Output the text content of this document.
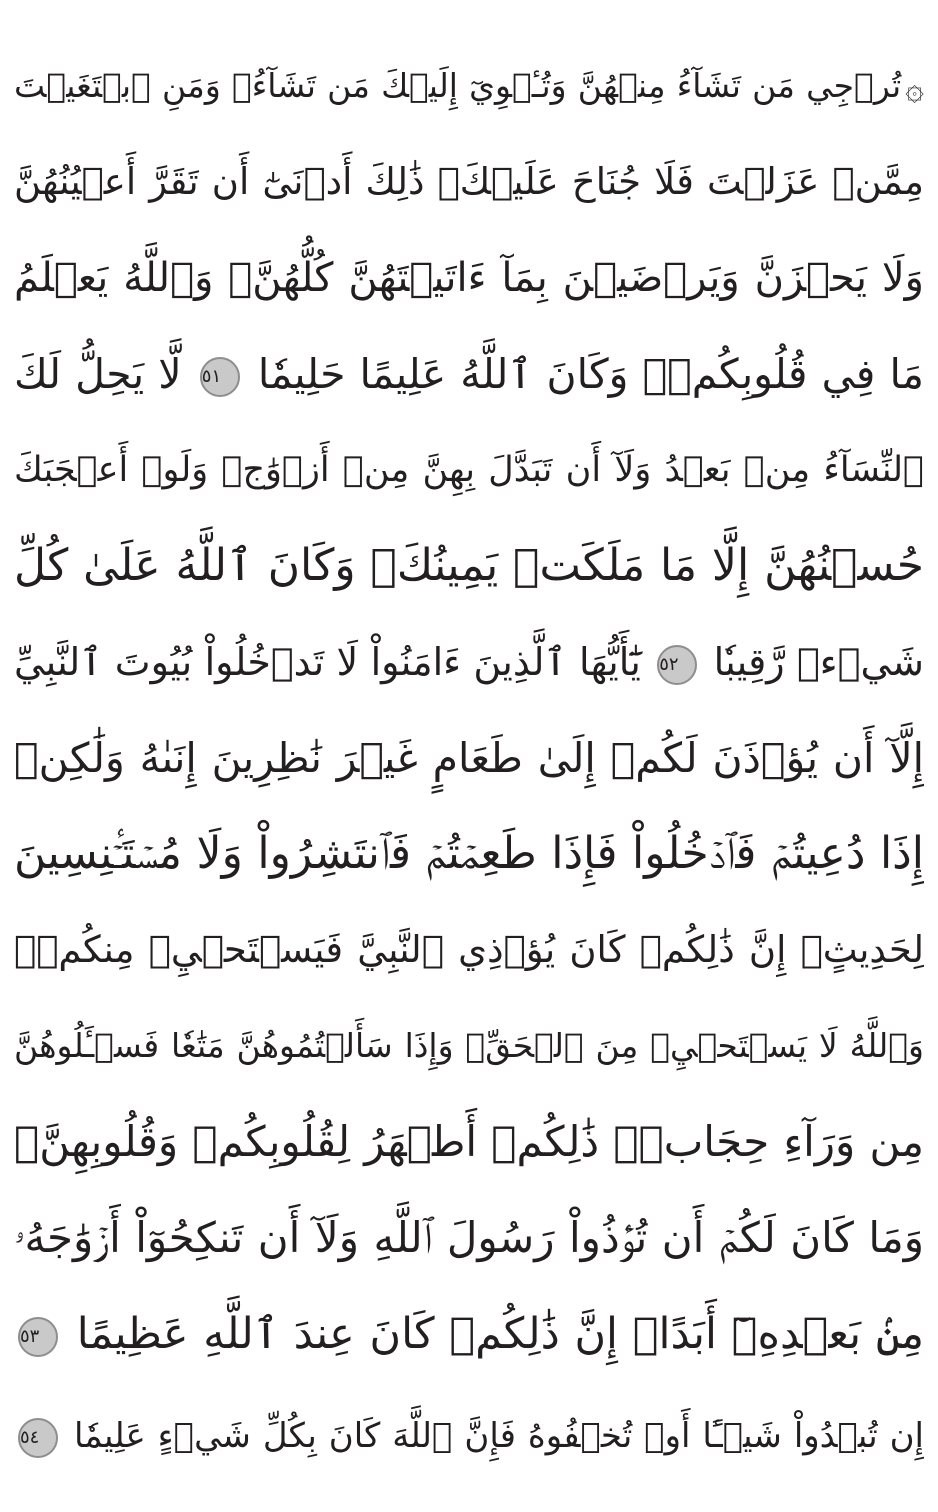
۞تُرۡجِي مَن تَشَآءُ مِنۡهُنَّ وَتُـٔۡوِيٓ إِلَيۡكَ مَن تَشَآءُۖ وَمَنِ ٱبۡتَغَيۡتَ
مِمَّنۡ عَزَلۡتَ فَلَا جُنَاحَ عَلَيۡكَۚ ذَٰلِكَ أَدۡنَىٰٓ أَن تَقَرَّ أَعۡيُنُهُنَّ
وَلَا يَحۡزَنَّ وَيَرۡضَيۡنَ بِمَآ ءَاتَيۡتَهُنَّ كُلُّهُنَّۚ وَٱللَّهُ يَعۡلَمُ
مَا فِي قُلُوبِكُمۡۚ وَكَانَ ٱللَّهُ عَلِيمًا حَلِيمٗا ٥١ لَّا يَحِلُّ لَكَ
ٱلنِّسَآءُ مِنۢ بَعۡدُ وَلَآ أَن تَبَدَّلَ بِهِنَّ مِنۡ أَزۡوَٰجٖ وَلَوۡ أَعۡجَبَكَ
حُسۡنُهُنَّ إِلَّا مَا مَلَكَتۡ يَمِينُكَۗ وَكَانَ ٱللَّهُ عَلَىٰ كُلِّ
شَيۡءٖ رَّقِيبٗا ٥٢ يَٰٓأَيُّهَا ٱلَّذِينَ ءَامَنُواْ لَا تَدۡخُلُواْ بُيُوتَ ٱلنَّبِيِّ
إِلَّآ أَن يُؤۡذَنَ لَكُمۡ إِلَىٰ طَعَامٍ غَيۡرَ نَٰظِرِينَ إِنَىٰهُ وَلَٰكِنۡ
إِذَا دُعِيتُمۡ فَٱدۡخُلُواْ فَإِذَا طَعِمۡتُمۡ فَٱنتَشِرُواْ وَلَا مُسۡتَـٔۡنِسِينَ
لِحَدِيثٍۚ إِنَّ ذَٰلِكُمۡ كَانَ يُؤۡذِي ٱلنَّبِيَّ فَيَسۡتَحۡيِۦ مِنكُمۡۖ
وَٱللَّهُ لَا يَسۡتَحۡيِۦ مِنَ ٱلۡحَقِّۚ وَإِذَا سَأَلۡتُمُوهُنَّ مَتَٰعٗا فَسۡـَٔلُوهُنَّ
مِن وَرَآءِ حِجَابٖۚ ذَٰلِكُمۡ أَطۡهَرُ لِقُلُوبِكُمۡ وَقُلُوبِهِنَّۚ
وَمَا كَانَ لَكُمۡ أَن تُؤۡذُواْ رَسُولَ ٱللَّهِ وَلَآ أَن تَنكِحُوٓاْ أَزۡوَٰجَهُۥ
مِنۢ بَعۡدِهِۦٓ أَبَدًاۚ إِنَّ ذَٰلِكُمۡ كَانَ عِندَ ٱللَّهِ عَظِيمًا ٥٣
إِن تُبۡدُواْ شَيۡـًٔا أَوۡ تُخۡفُوهُ فَإِنَّ ٱللَّهَ كَانَ بِكُلِّ شَيۡءٍ عَلِيمٗا ٥٤
